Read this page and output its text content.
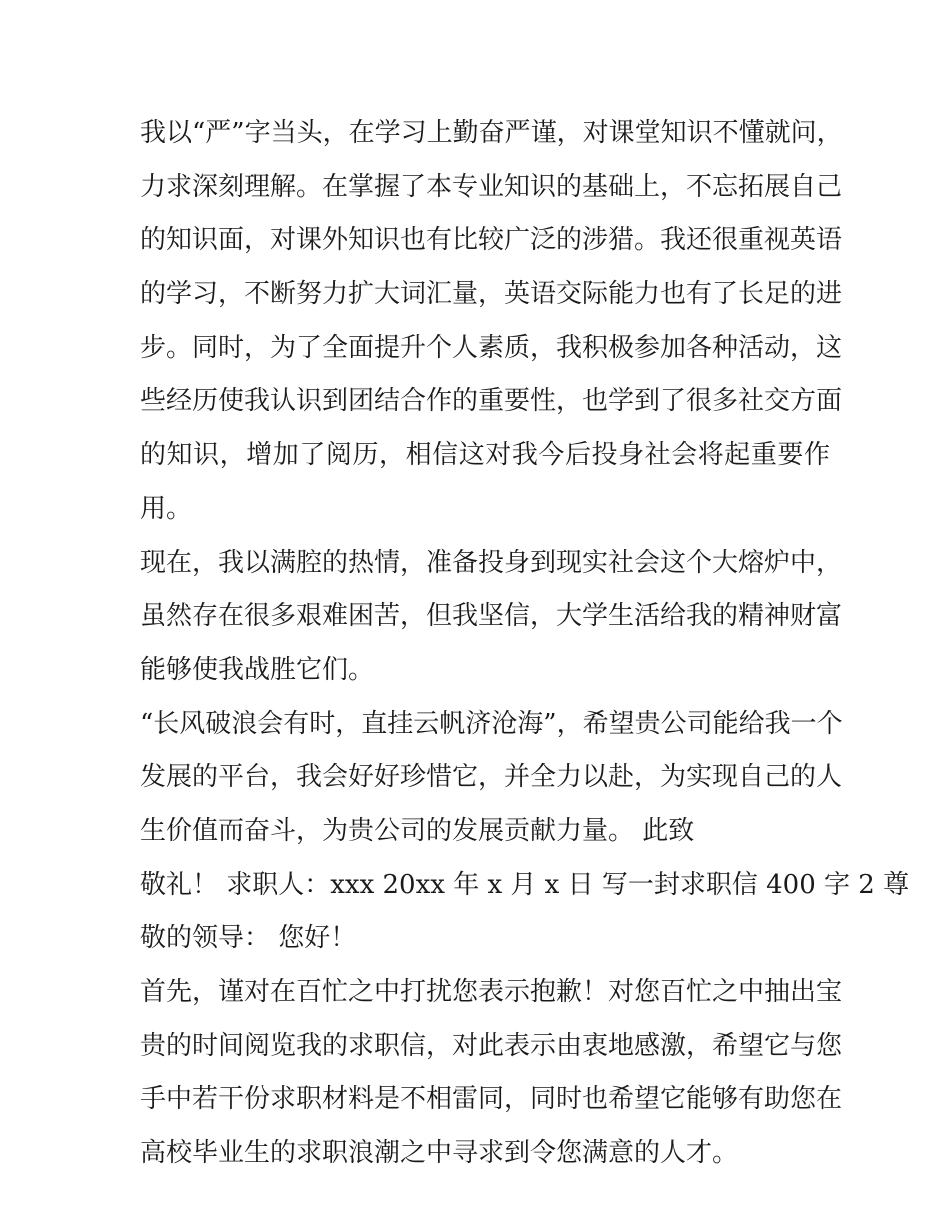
我以“严”字当头，在学习上勤奋严谨，对课堂知识不懂就问，
力求深刻理解。在掌握了本专业知识的基础上，不忘拓展自己
的知识面，对课外知识也有比较广泛的涉猎。我还很重视英语
的学习，不断努力扩大词汇量，英语交际能力也有了长足的进
步。同时，为了全面提升个人素质，我积极参加各种活动，这
些经历使我认识到团结合作的重要性，也学到了很多社交方面
的知识，增加了阅历，相信这对我今后投身社会将起重要作
用。
现在，我以满腔的热情，准备投身到现实社会这个大熔炉中，
虽然存在很多艰难困苦，但我坚信，大学生活给我的精神财富
能够使我战胜它们。
“长风破浪会有时，直挂云帆济沧海”，希望贵公司能给我一个
发展的平台，我会好好珍惜它，并全力以赴，为实现自己的人
生价值而奋斗，为贵公司的发展贡献力量。 此致
敬礼！ 求职人：xxx 20xx 年 x 月 x 日 写一封求职信 400 字 2 尊
敬的领导： 您好！
首先，谨对在百忙之中打扰您表示抱歉！对您百忙之中抽出宝
贵的时间阅览我的求职信，对此表示由衷地感激，希望它与您
手中若干份求职材料是不相雷同，同时也希望它能够有助您在
高校毕业生的求职浪潮之中寻求到令您满意的人才。
